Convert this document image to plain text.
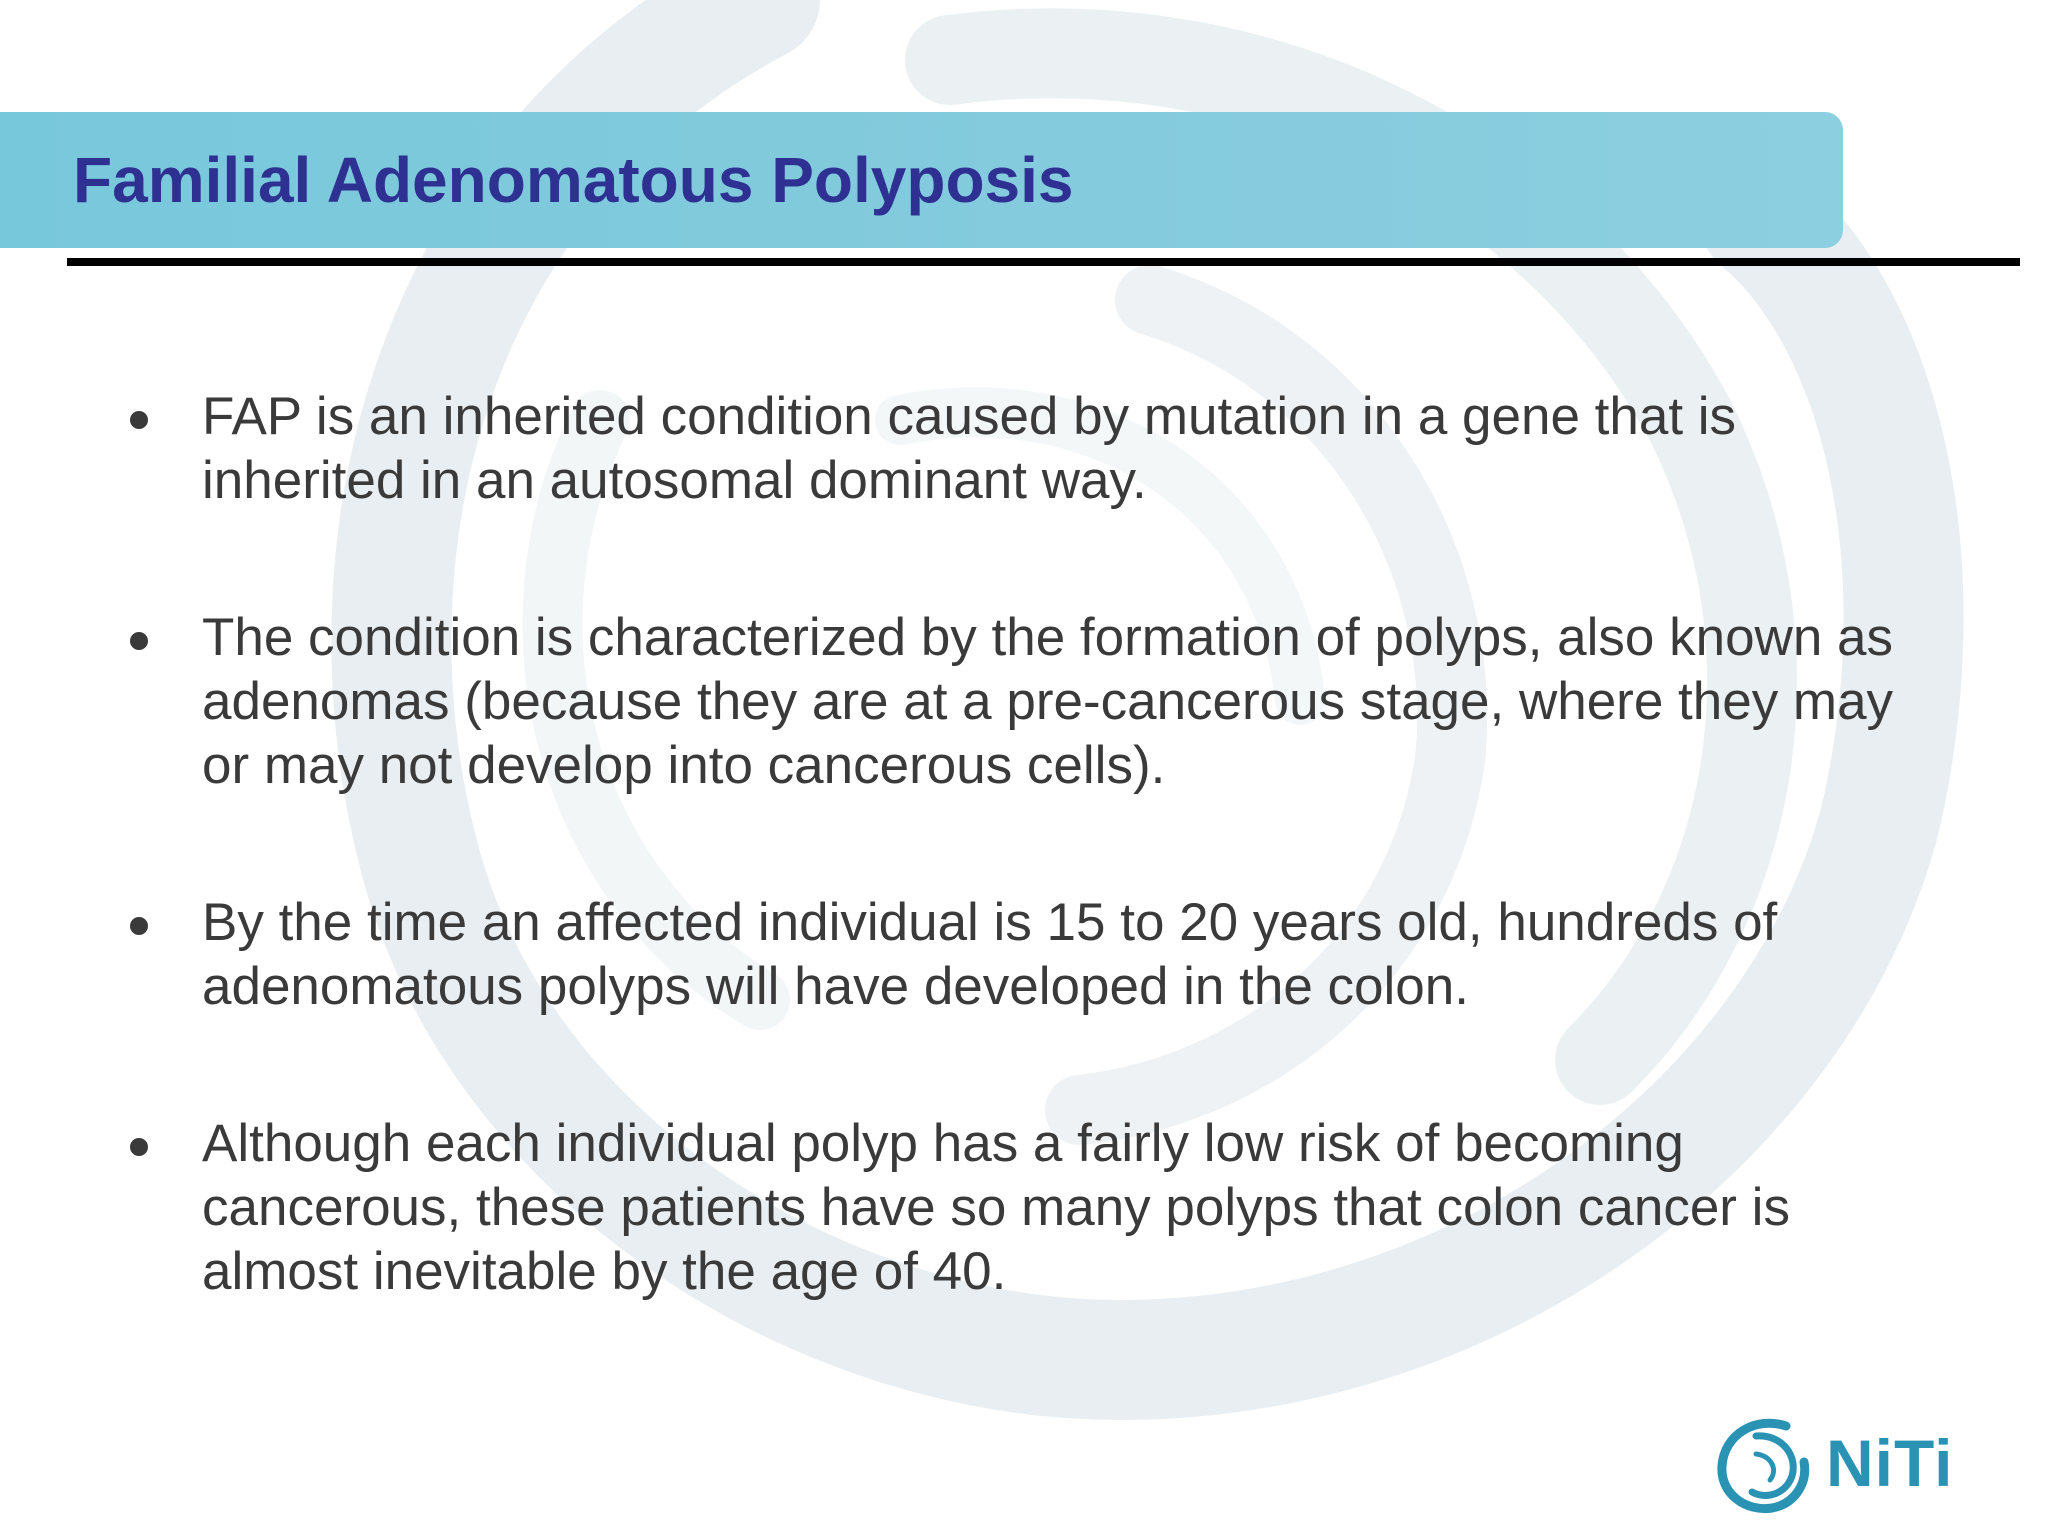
Familial Adenomatous Polyposis
FAP is an inherited condition caused by mutation in a gene that is inherited in an autosomal dominant way.
The condition is characterized by the formation of polyps, also known as adenomas (because they are at a pre-cancerous stage, where they may or may not develop into cancerous cells).
By the time an affected individual is 15 to 20 years old, hundreds of adenomatous polyps will have developed in the colon.
Although each individual polyp has a fairly low risk of becoming cancerous, these patients have so many polyps that colon cancer is almost inevitable by the age of 40.
NiTi
